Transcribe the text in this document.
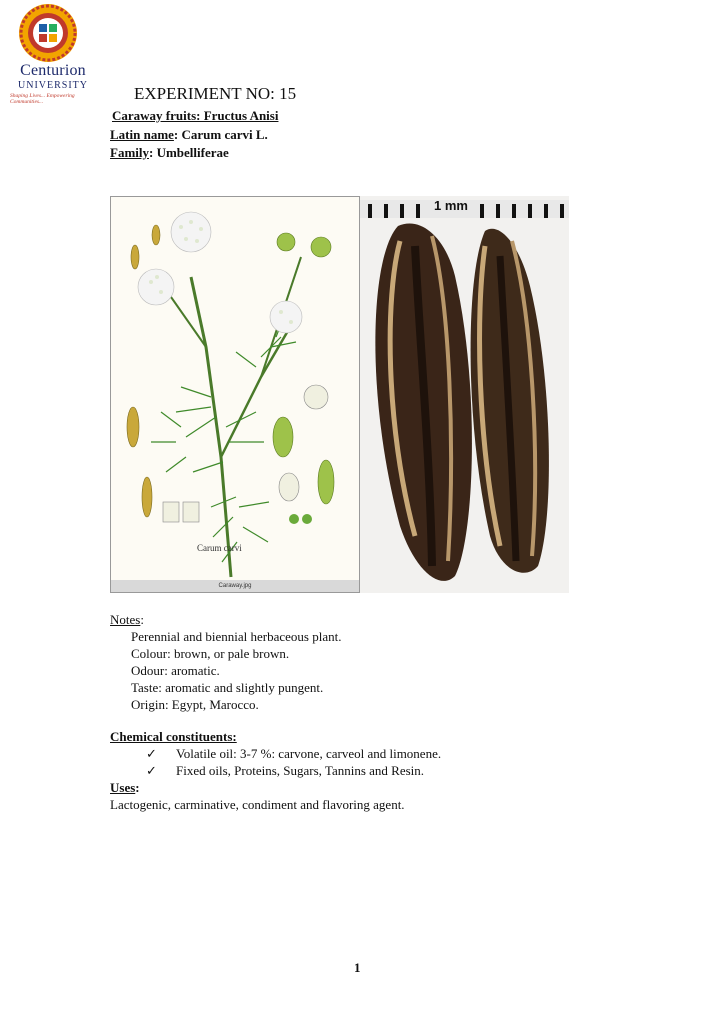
Centurion
UNIVERSITY
Shaping Lives... Empowering Communities...	EXPERIMENT NO: 15
Caraway fruits: Fructus Anisi
Latin name: Carum carvi L.
Family: Umbelliferae
Carum carvi
Caraway.jpg
1 mm
Notes:
Perennial and biennial herbaceous plant.
Colour: brown, or pale brown.
Odour: aromatic.
Taste: aromatic and slightly pungent.
Origin: Egypt, Marocco.
Chemical constituents:
✓ Volatile oil: 3-7 %: carvone, carveol and limonene.
✓ Fixed oils, Proteins, Sugars, Tannins and Resin.
Uses:
Lactogenic, carminative, condiment and flavoring agent.
1
